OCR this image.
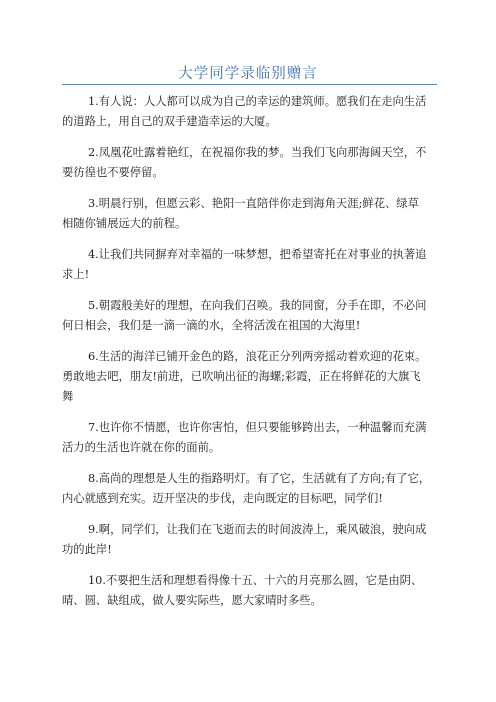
大学同学录临别赠言
1.有人说：人人都可以成为自己的幸运的建筑师。愿我们在走向生活
的道路上，用自己的双手建造幸运的大厦。
2.凤凰花吐露着艳红，在祝福你我的梦。当我们飞向那海阔天空，不
要彷徨也不要停留。
3.明晨行别，但愿云彩、艳阳一直陪伴你走到海角天涯;鲜花、绿草
相随你铺展远大的前程。
4.让我们共同摒弃对幸福的一味梦想，把希望寄托在对事业的执著追
求上!
5.朝霞般美好的理想，在向我们召唤。我的同窗，分手在即，不必问
何日相会，我们是一滴一滴的水，全将活泼在祖国的大海里!
6.生活的海洋已铺开金色的路，浪花正分列两旁摇动着欢迎的花束。
勇敢地去吧，朋友!前进，已吹响出征的海螺;彩霞，正在将鲜花的大旗飞
舞
7.也许你不情愿，也许你害怕，但只要能够跨出去，一种温馨而充满
活力的生活也许就在你的面前。
8.高尚的理想是人生的指路明灯。有了它，生活就有了方向;有了它，
内心就感到充实。迈开坚决的步伐，走向既定的目标吧，同学们!
9.啊，同学们，让我们在飞逝而去的时间波涛上，乘风破浪，驶向成
功的此岸!
10.不要把生活和理想看得像十五、十六的月亮那么圆，它是由阴、
晴、圆、缺组成，做人要实际些，愿大家晴时多些。
